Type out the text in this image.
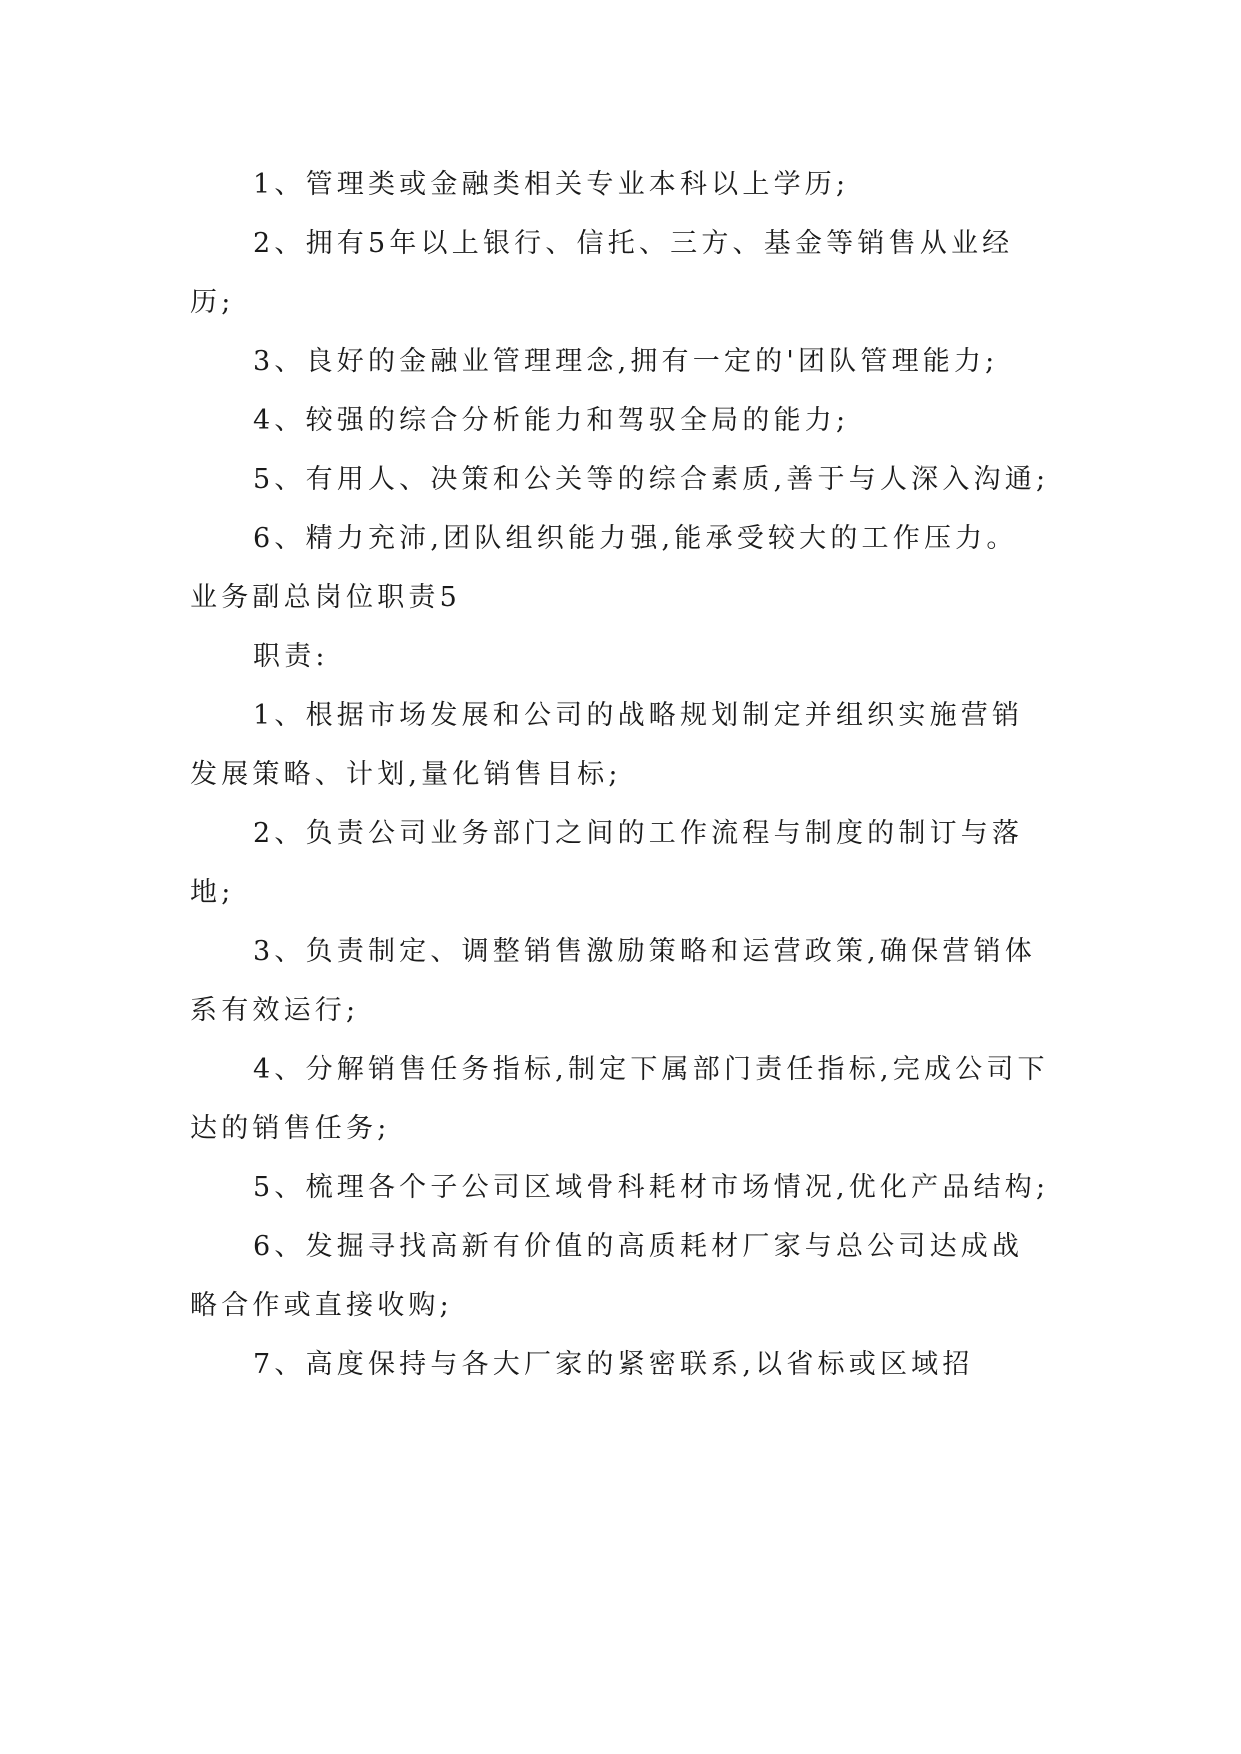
1、管理类或金融类相关专业本科以上学历;

2、拥有5年以上银行、信托、三方、基金等销售从业经历;

3、良好的金融业管理理念,拥有一定的'团队管理能力;

4、较强的综合分析能力和驾驭全局的能力;

5、有用人、决策和公关等的综合素质,善于与人深入沟通;

6、精力充沛,团队组织能力强,能承受较大的工作压力。

业务副总岗位职责5

职责:

1、根据市场发展和公司的战略规划制定并组织实施营销发展策略、计划,量化销售目标;

2、负责公司业务部门之间的工作流程与制度的制订与落地;

3、负责制定、调整销售激励策略和运营政策,确保营销体系有效运行;

4、分解销售任务指标,制定下属部门责任指标,完成公司下达的销售任务;

5、梳理各个子公司区域骨科耗材市场情况,优化产品结构;

6、发掘寻找高新有价值的高质耗材厂家与总公司达成战略合作或直接收购;

7、高度保持与各大厂家的紧密联系,以省标或区域招
